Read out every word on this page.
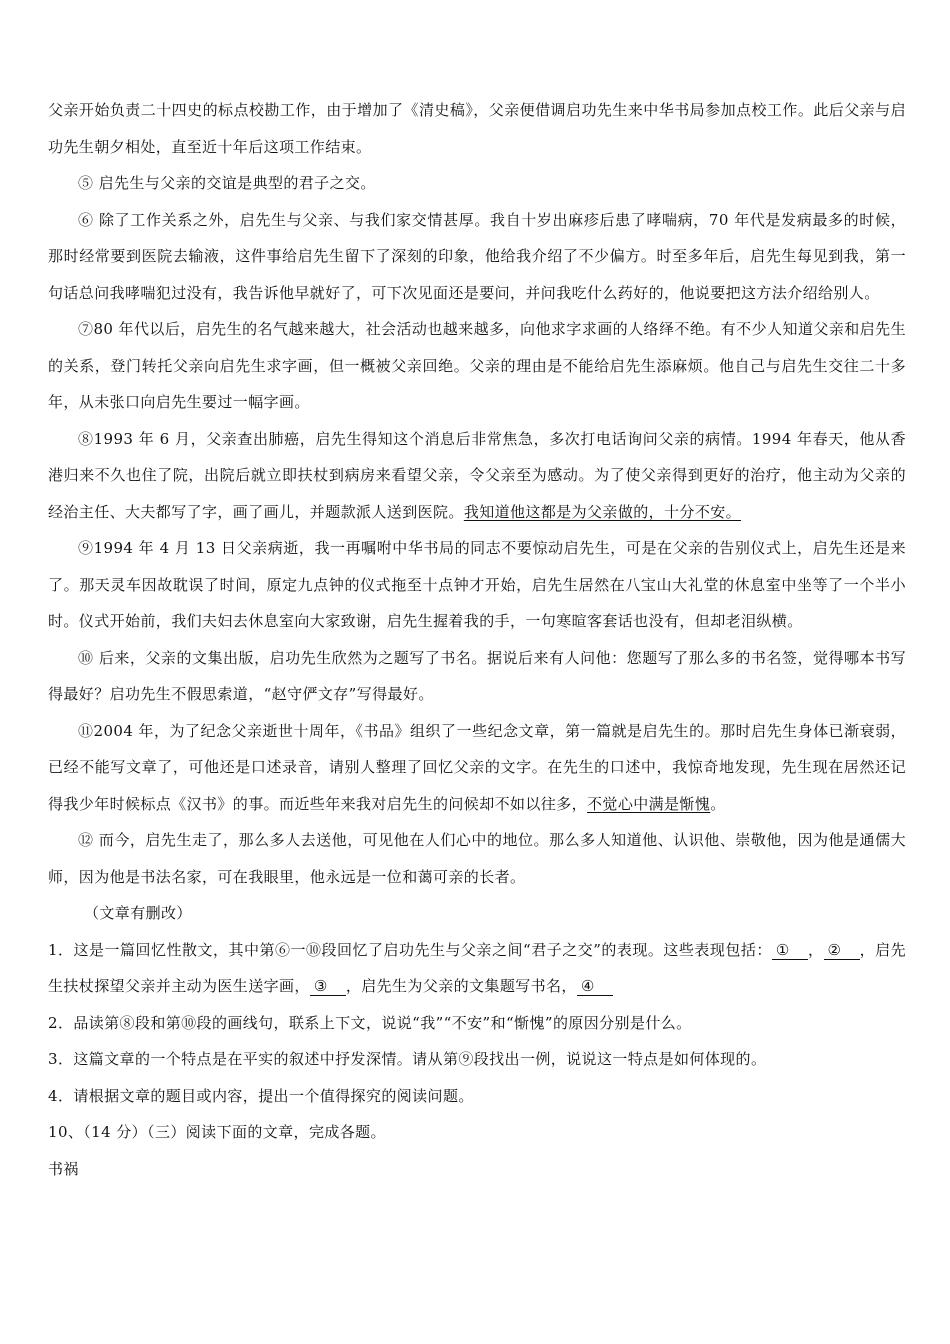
父亲开始负责二十四史的标点校勘工作，由于增加了《清史稿》，父亲便借调启功先生来中华书局参加点校工作。此后父亲与启功先生朝夕相处，直至近十年后这项工作结束。

⑤ 启先生与父亲的交谊是典型的君子之交。

⑥ 除了工作关系之外，启先生与父亲、与我们家交情甚厚。我自十岁出麻疹后患了哮喘病，70 年代是发病最多的时候，那时经常要到医院去输液，这件事给启先生留下了深刻的印象，他给我介绍了不少偏方。时至多年后，启先生每见到我，第一句话总问我哮喘犯过没有，我告诉他早就好了，可下次见面还是要问，并问我吃什么药好的，他说要把这方法介绍给别人。

⑦80 年代以后，启先生的名气越来越大，社会活动也越来越多，向他求字求画的人络绎不绝。有不少人知道父亲和启先生的关系，登门转托父亲向启先生求字画，但一概被父亲回绝。父亲的理由是不能给启先生添麻烦。他自己与启先生交往二十多年，从未张口向启先生要过一幅字画。

⑧1993 年 6 月，父亲查出肺癌，启先生得知这个消息后非常焦急，多次打电话询问父亲的病情。1994 年春天，他从香港归来不久也住了院，出院后就立即扶杖到病房来看望父亲，令父亲至为感动。为了使父亲得到更好的治疗，他主动为父亲的经治主任、大夫都写了字，画了画儿，并题款派人送到医院。我知道他这都是为父亲做的，十分不安。

⑨1994 年 4 月 13 日父亲病逝，我一再嘱咐中华书局的同志不要惊动启先生，可是在父亲的告别仪式上，启先生还是来了。那天灵车因故耽误了时间，原定九点钟的仪式拖至十点钟才开始，启先生居然在八宝山大礼堂的休息室中坐等了一个半小时。仪式开始前，我们夫妇去休息室向大家致谢，启先生握着我的手，一句寒暄客套话也没有，但却老泪纵横。

⑩ 后来，父亲的文集出版，启功先生欣然为之题写了书名。据说后来有人问他：您题写了那么多的书名签，觉得哪本书写得最好？启功先生不假思索道，“赵守俨文存”写得最好。

⑪2004 年，为了纪念父亲逝世十周年，《书品》组织了一些纪念文章，第一篇就是启先生的。那时启先生身体已渐衰弱，已经不能写文章了，可他还是口述录音，请别人整理了回忆父亲的文字。在先生的口述中，我惊奇地发现，先生现在居然还记得我少年时候标点《汉书》的事。而近些年来我对启先生的问候却不如以往多，不觉心中满是惭愧。

⑫ 而今，启先生走了，那么多人去送他，可见他在人们心中的地位。那么多人知道他、认识他、崇敬他，因为他是通儒大师，因为他是书法名家，可在我眼里，他永远是一位和蔼可亲的长者。

（文章有删改）

1．这是一篇回忆性散文，其中第⑥一⑩段回忆了启功先生与父亲之间“君子之交”的表现。这些表现包括： ① ， ② ，启先生扶杖探望父亲并主动为医生送字画， ③ ，启先生为父亲的文集题写书名， ④

2．品读第⑧段和第⑩段的画线句，联系上下文，说说“我”“不安”和“惭愧”的原因分别是什么。

3．这篇文章的一个特点是在平实的叙述中抒发深情。请从第⑨段找出一例，说说这一特点是如何体现的。

4．请根据文章的题目或内容，提出一个值得探究的阅读问题。

10、（14 分）（三）阅读下面的文章，完成各题。

书祸
